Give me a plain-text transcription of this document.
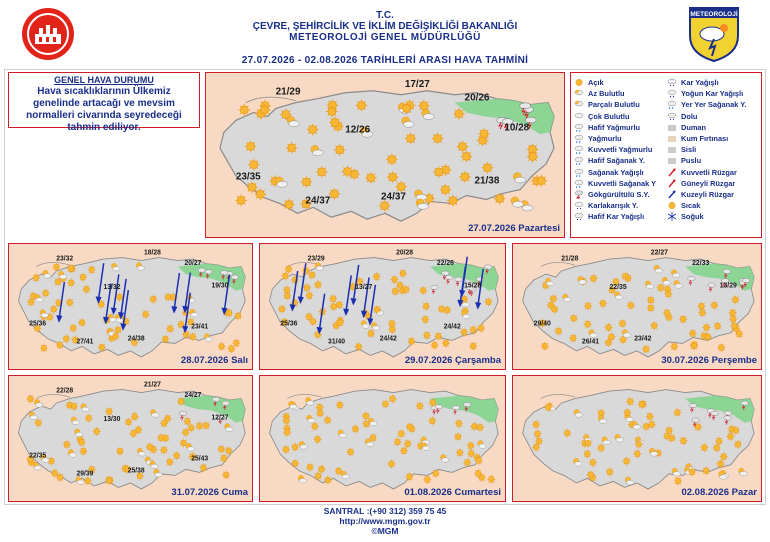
T.C.
ÇEVRE, ŞEHİRCİLİK VE İKLİM DEĞİŞİKLİĞİ BAKANLIĞI
METEOROLOJİ GENEL MÜDÜRLÜĞÜ
27.07.2026 - 02.08.2026 TARİHLERİ ARASI HAVA TAHMİNİ
METEOROLOJİ
GENEL HAVA DURUMU
Hava sıcaklıklarının Ülkemiz genelinde artacağı ve mevsim normalleri civarında seyredeceği tahmin ediliyor.
21/29
17/27
20/26
10/28
12/26
23/35
24/37	24/37
21/38
27.07.2026 Pazartesi
Açık
Az Bulutlu
Parçalı Bulutlu
Çok Bulutlu
Hafif Yağmurlu
Yağmurlu
Kuvvetli Yağmurlu
Hafif Sağanak Y.
Sağanak Yağışlı
Kuvvetli Sağanak Y
Gökgürültülü S.Y.
Karlakarışık Y.
Hafif Kar Yağışlı
Kar Yağışlı
Yoğun Kar Yağışlı
Yer Yer Sağanak Y.
Dolu
Duman
Kum Fırtınası
Sisli
Puslu
Kuvvetli Rüzgar
Güneyli Rüzgar
Kuzeyli Rüzgar
Sıcak
Soğuk
23/32
18/28
20/27
19/30
13/32
25/36
27/41	24/38
23/41
28.07.2026 Salı
23/29
20/28
22/26
15/28
13/27
25/36
31/40	24/42
24/42
29.07.2026 Çarşamba
21/28
22/27
22/33
13/29
22/35
29/40
26/41	23/42
30.07.2026 Perşembe
22/28
21/27
24/27
12/27
13/30
22/35
29/39	25/38
25/43
31.07.2026 Cuma	01.08.2026 Cumartesi	02.08.2026 Pazar
SANTRAL :(+90 312) 359 75 45
http://www.mgm.gov.tr
©MGM
